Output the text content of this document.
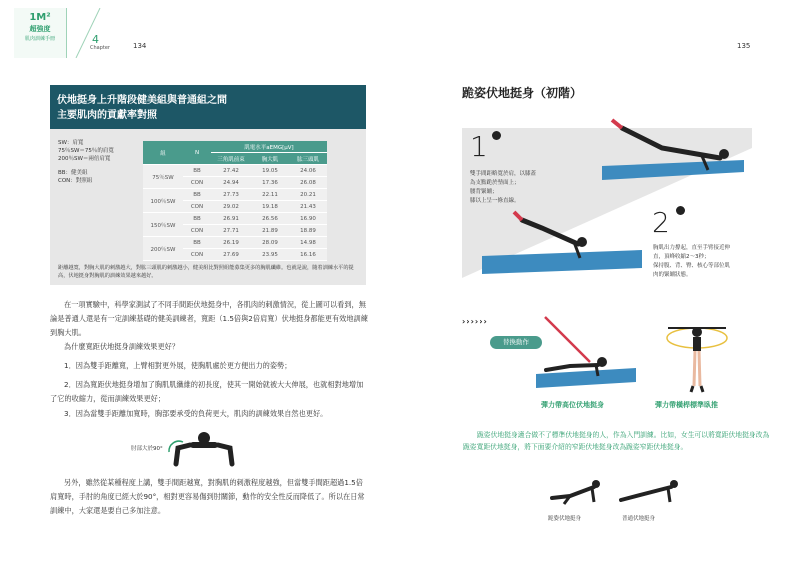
1M²
超強度
肌肉訓練手冊	4
Chapter	134	135
伏地挺身上升階段健美組與普通組之間
主要肌肉的貢獻率對照
SW：肩寬
75％SW＝75％的肩寬
200％SW＝兩倍肩寬
BB：健美組
CON：對照組
組	N	肌電水平aEMG[μV]		
		三角肌前束	胸大肌	肱三頭肌
75％SW	BB	27.42	19.05	24.06
	CON	24.94	17.36	26.08
100％SW	BB	27.73	22.11	20.21
	CON	29.02	19.18	21.43
150％SW	BB	26.91	26.56	16.90
	CON	27.71	21.89	18.89
200％SW	BB	26.19	28.09	14.98
	CON	27.69	23.95	16.16
距離越寬，對胸大肌的刺激越大，對肱三頭肌的刺激越小，健美組比對照組能募集更多的胸肌纖維。也就是說，隨着訓練水平的提高，伏地挺身對胸肌的訓練效果越來越好。
在一項實驗中，科學家測試了不同手間距伏地挺身中，各肌肉的刺激情況，從上圖可以看到，無論是普通人還是有一定訓練基礎的健美訓練者，寬距（1.5倍與2倍肩寬）伏地挺身都能更有效地訓練到胸大肌。
為什麼寬距伏地挺身訓練效果更好？
1．因為雙手距離寬，上臂相對更外展，使胸肌處於更方便出力的姿勢；
2．因為寬距伏地挺身增加了胸肌肌纖維的初長度，使其一開始就被大大伸展，也就相對地增加了它的收縮力，從而訓練效果更好；
3．因為當雙手距離加寬時，胸部要承受的負荷更大，肌肉的訓練效果自然也更好。
肘部大於90°
另外，雖然從某種程度上講，雙手間距越寬，對胸肌的刺激程度越強，但當雙手間距超過1.5倍肩寬時，手肘的角度已經大於90°，相對更容易傷到肘關節，動作的安全性反而降低了。所以在日常訓練中，大家還是要自己多加注意。
跪姿伏地挺身（初階）
1
雙手間距略寬於肩，以膝蓋
為支點跪於墊面上；
腰背緊繃；
膝以上呈一條直線。
2
胸肌出力撐起，直至手臂接近伸
直，頂峰收縮2～3秒；
保持腹、背、臀、核心等部位肌
肉的緊繃狀態。
››››››
替換動作
彈力帶高位伏地挺身	彈力帶橫桿標準臥推
跪姿伏地挺身適合做不了標準伏地挺身的人，作為入門訓練。比如，女生可以將寬距伏地挺身改為跪姿寬距伏地挺身，將下面要介紹的窄距伏地挺身改為跪姿窄距伏地挺身。
跪姿伏地挺身	普通伏地挺身
